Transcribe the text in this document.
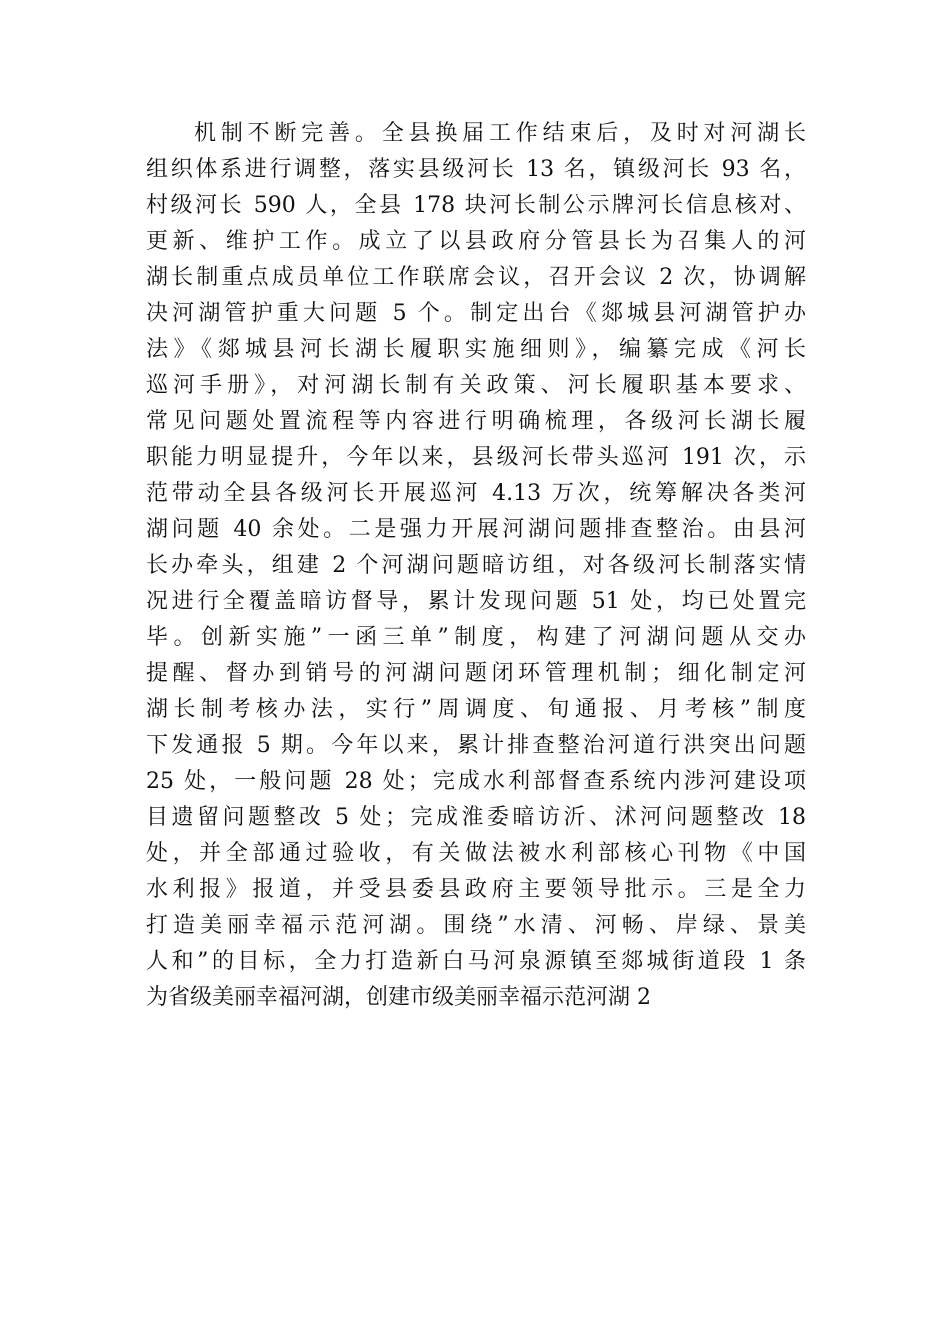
机制不断完善。全县换届工作结束后，及时对河湖长
组织体系进行调整，落实县级河长 13 名，镇级河长 93 名，
村级河长 590 人，全县 178 块河长制公示牌河长信息核对、
更新、维护工作。成立了以县政府分管县长为召集人的河
湖长制重点成员单位工作联席会议，召开会议 2 次，协调解
决河湖管护重大问题 5 个。制定出台《郯城县河湖管护办
法》《郯城县河长湖长履职实施细则》，编纂完成《河长
巡河手册》，对河湖长制有关政策、河长履职基本要求、
常见问题处置流程等内容进行明确梳理，各级河长湖长履
职能力明显提升，今年以来，县级河长带头巡河 191 次，示
范带动全县各级河长开展巡河 4.13 万次，统筹解决各类河
湖问题 40 余处。二是强力开展河湖问题排查整治。由县河
长办牵头，组建 2 个河湖问题暗访组，对各级河长制落实情
况进行全覆盖暗访督导，累计发现问题 51 处，均已处置完
毕。创新实施”一函三单”制度，构建了河湖问题从交办
提醒、督办到销号的河湖问题闭环管理机制；细化制定河
湖长制考核办法，实行”周调度、旬通报、月考核”制度
下发通报 5 期。今年以来，累计排查整治河道行洪突出问题
25 处，一般问题 28 处；完成水利部督查系统内涉河建设项
目遗留问题整改 5 处；完成淮委暗访沂、沭河问题整改 18
处，并全部通过验收，有关做法被水利部核心刊物《中国
水利报》报道，并受县委县政府主要领导批示。三是全力
打造美丽幸福示范河湖。围绕”水清、河畅、岸绿、景美
人和”的目标，全力打造新白马河泉源镇至郯城街道段 1 条
为省级美丽幸福河湖，创建市级美丽幸福示范河湖 2
